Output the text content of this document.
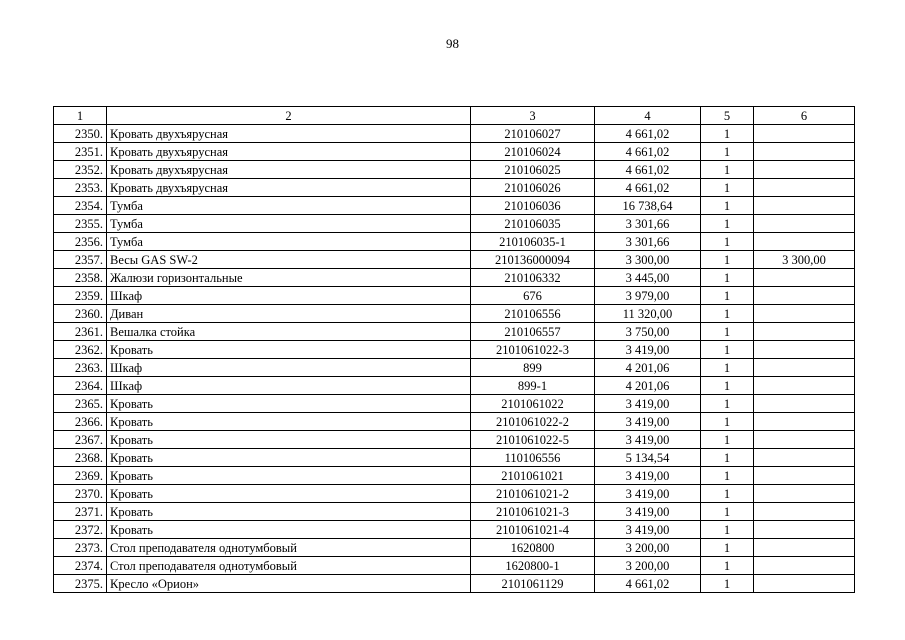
98
1	2	3	4	5	6
2350.	Кровать двухъярусная	210106027	4 661,02	1	
2351.	Кровать двухъярусная	210106024	4 661,02	1	
2352.	Кровать двухъярусная	210106025	4 661,02	1	
2353.	Кровать двухъярусная	210106026	4 661,02	1	
2354.	Тумба	210106036	16 738,64	1	
2355.	Тумба	210106035	3 301,66	1	
2356.	Тумба	210106035-1	3 301,66	1	
2357.	Весы GAS SW-2	210136000094	3 300,00	1	3 300,00
2358.	Жалюзи горизонтальные	210106332	3 445,00	1	
2359.	Шкаф	676	3 979,00	1	
2360.	Диван	210106556	11 320,00	1	
2361.	Вешалка стойка	210106557	3 750,00	1	
2362.	Кровать	2101061022-3	3 419,00	1	
2363.	Шкаф	899	4 201,06	1	
2364.	Шкаф	899-1	4 201,06	1	
2365.	Кровать	2101061022	3 419,00	1	
2366.	Кровать	2101061022-2	3 419,00	1	
2367.	Кровать	2101061022-5	3 419,00	1	
2368.	Кровать	110106556	5 134,54	1	
2369.	Кровать	2101061021	3 419,00	1	
2370.	Кровать	2101061021-2	3 419,00	1	
2371.	Кровать	2101061021-3	3 419,00	1	
2372.	Кровать	2101061021-4	3 419,00	1	
2373.	Стол преподавателя однотумбовый	1620800	3 200,00	1	
2374.	Стол преподавателя однотумбовый	1620800-1	3 200,00	1	
2375.	Кресло «Орион»	2101061129	4 661,02	1	
